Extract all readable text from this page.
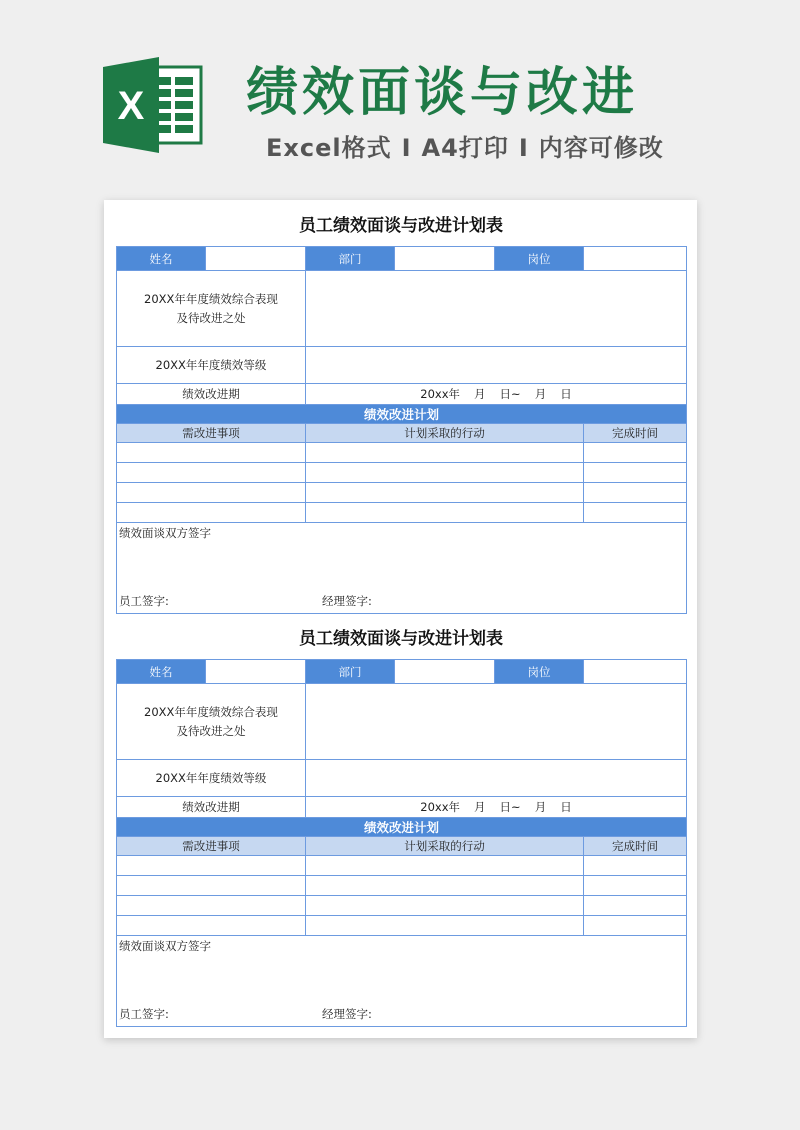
X 绩效面谈与改进
Excel格式 I A4打印 I 内容可修改
员工绩效面谈与改进计划表
姓名		部门		岗位	

20XX年年度绩效综合表现
及待改进之处					

20XX年年度绩效等级					
绩效改进期		20xx年 月 日~ 月 日			
绩效改进计划					
需改进事项		计划采取的行动			完成时间

绩效面谈双方签字
员工签字: 经理签字:					
员工绩效面谈与改进计划表
姓名		部门		岗位	

20XX年年度绩效综合表现
及待改进之处					

20XX年年度绩效等级					
绩效改进期		20xx年 月 日~ 月 日			
绩效改进计划					
需改进事项		计划采取的行动			完成时间

绩效面谈双方签字
员工签字: 经理签字:					
